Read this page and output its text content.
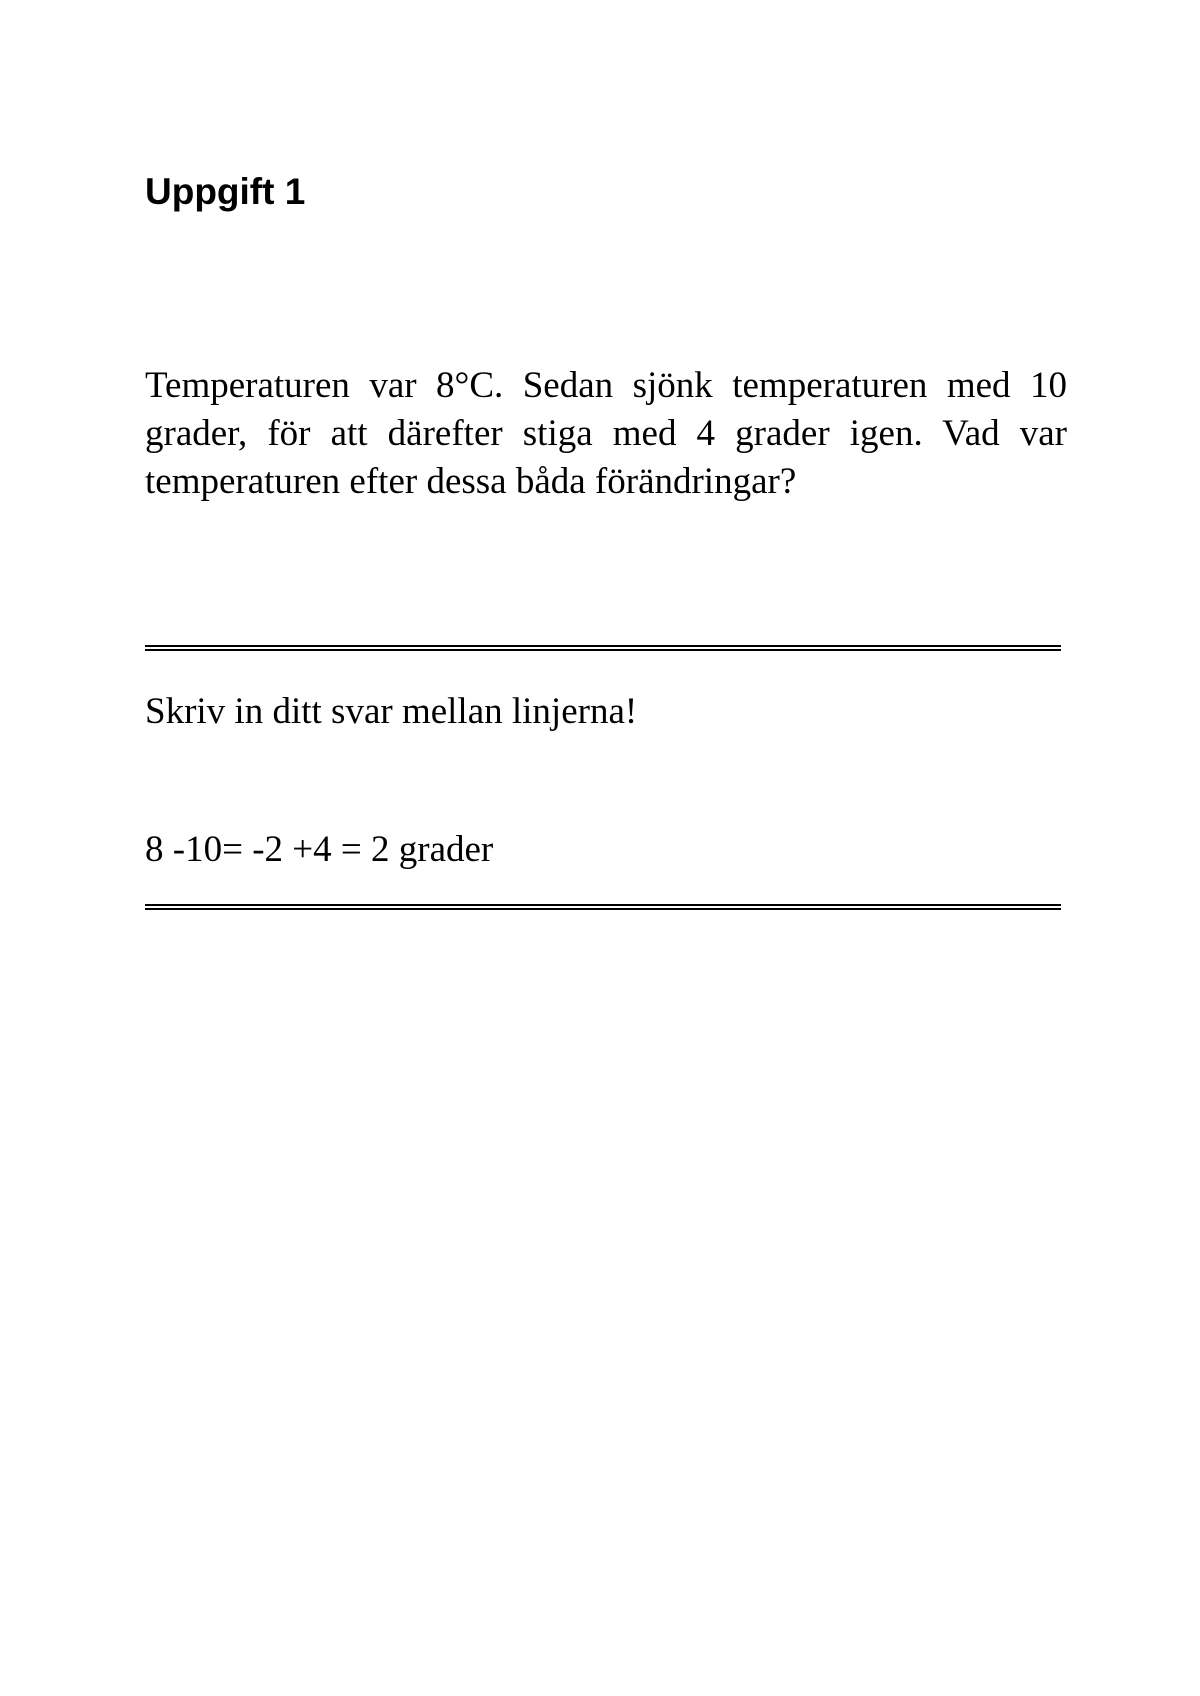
Uppgift 1

Temperaturen var 8°C. Sedan sjönk temperaturen med 10 grader, för att därefter stiga med 4 grader igen. Vad var temperaturen efter dessa båda förändringar?

Skriv in ditt svar mellan linjerna!

8 -10= -2 +4 = 2 grader
